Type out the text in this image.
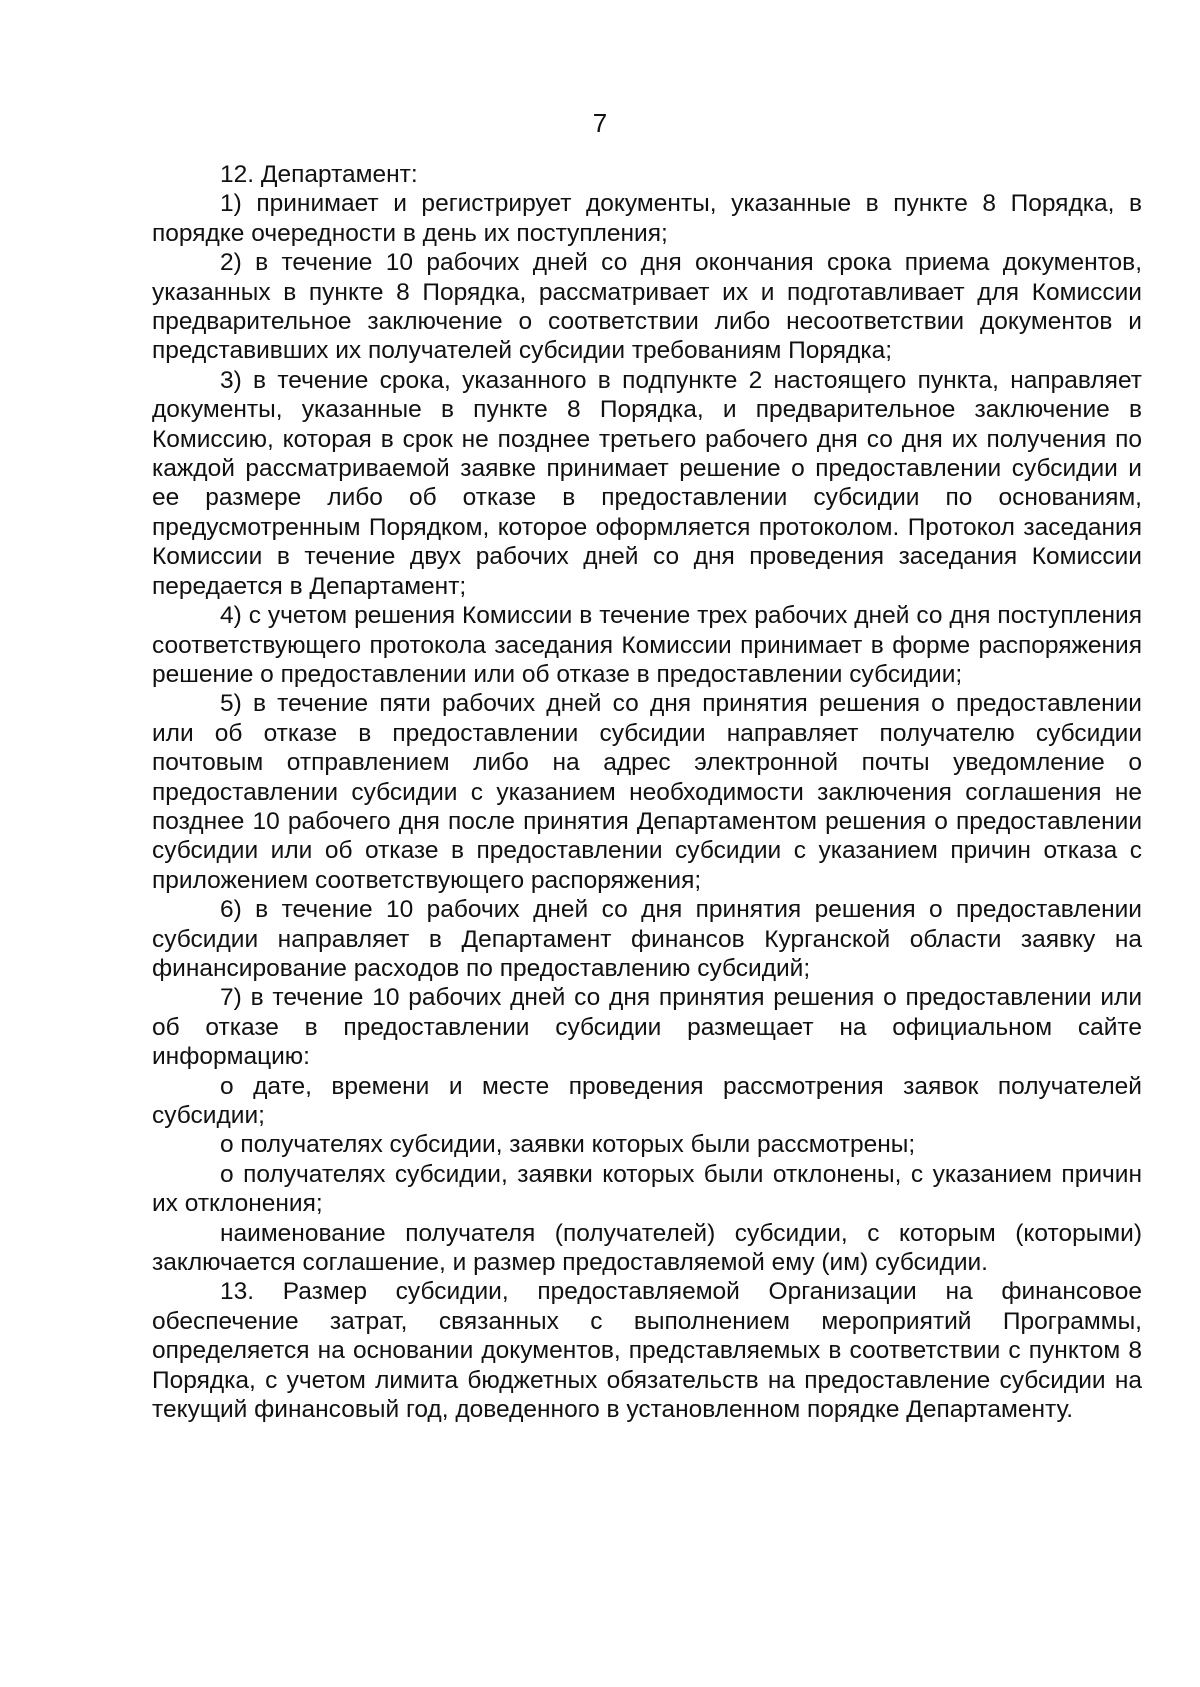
7

12. Департамент:

1) принимает и регистрирует документы, указанные в пункте 8 Порядка, в порядке очередности в день их поступления;

2) в течение 10 рабочих дней со дня окончания срока приема документов, указанных в пункте 8 Порядка, рассматривает их и подготавливает для Комиссии предварительное заключение о соответствии либо несоответствии документов и представивших их получателей субсидии требованиям Порядка;

3) в течение срока, указанного в подпункте 2 настоящего пункта, направляет документы, указанные в пункте 8 Порядка, и предварительное заключение в Комиссию, которая в срок не позднее третьего рабочего дня со дня их получения по каждой рассматриваемой заявке принимает решение о предоставлении субсидии и ее размере либо об отказе в предоставлении субсидии по основаниям, предусмотренным Порядком, которое оформляется протоколом. Протокол заседания Комиссии в течение двух рабочих дней со дня проведения заседания Комиссии передается в Департамент;

4) с учетом решения Комиссии в течение трех рабочих дней со дня поступления соответствующего протокола заседания Комиссии принимает в форме распоряжения решение о предоставлении или об отказе в предоставлении субсидии;

5) в течение пяти рабочих дней со дня принятия решения о предоставлении или об отказе в предоставлении субсидии направляет получателю субсидии почтовым отправлением либо на адрес электронной почты уведомление о предоставлении субсидии с указанием необходимости заключения соглашения не позднее 10 рабочего дня после принятия Департаментом решения о предоставлении субсидии или об отказе в предоставлении субсидии с указанием причин отказа с приложением соответствующего распоряжения;

6) в течение 10 рабочих дней со дня принятия решения о предоставлении субсидии направляет в Департамент финансов Курганской области заявку на финансирование расходов по предоставлению субсидий;

7) в течение 10 рабочих дней со дня принятия решения о предоставлении или об отказе в предоставлении субсидии размещает на официальном сайте информацию:

о дате, времени и месте проведения рассмотрения заявок получателей субсидии;

о получателях субсидии, заявки которых были рассмотрены;

о получателях субсидии, заявки которых были отклонены, с указанием причин их отклонения;

наименование получателя (получателей) субсидии, с которым (которыми) заключается соглашение, и размер предоставляемой ему (им) субсидии.

13. Размер субсидии, предоставляемой Организации на финансовое обеспечение затрат, связанных с выполнением мероприятий Программы, определяется на основании документов, представляемых в соответствии с пунктом 8 Порядка, с учетом лимита бюджетных обязательств на предоставление субсидии на текущий финансовый год, доведенного в установленном порядке Департаменту.
